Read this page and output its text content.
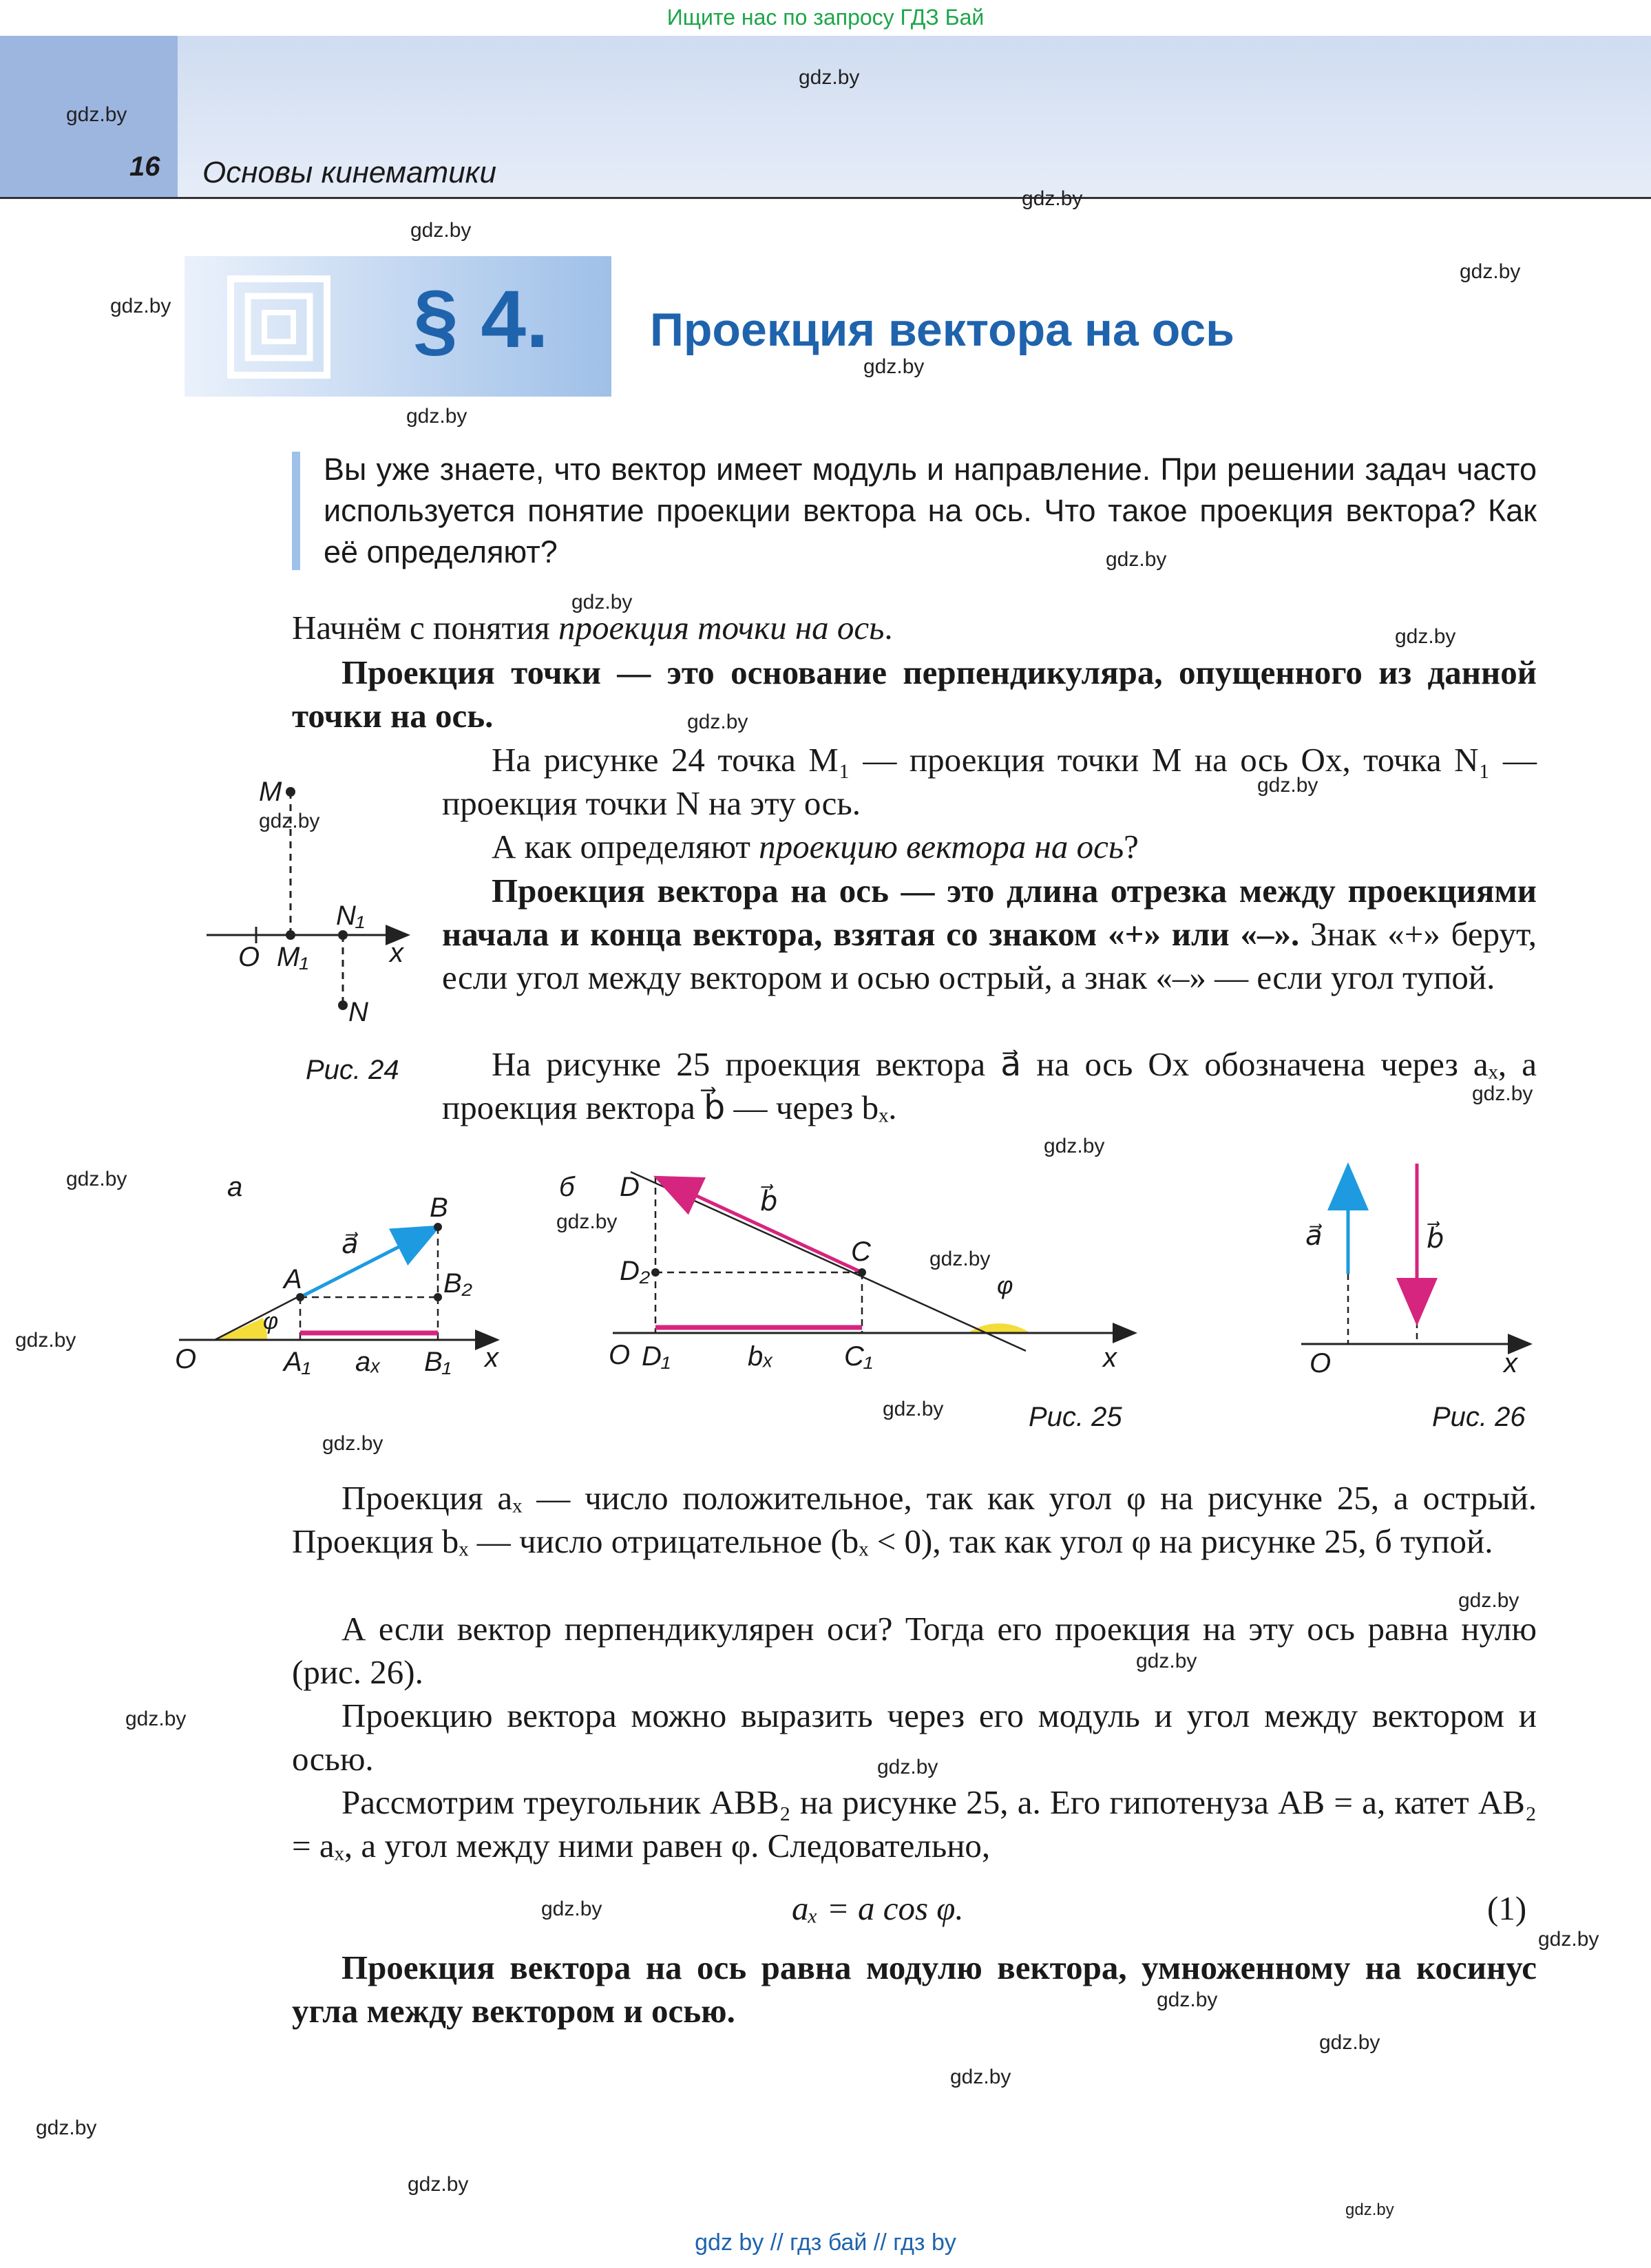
Ищите нас по запросу ГДЗ Бай
16 Основы кинематики
§ 4. Проекция вектора на ось
Вы уже знаете, что вектор имеет модуль и направление. При решении задач часто используется понятие проекции вектора на ось. Что такое проекция вектора? Как её определяют?
Начнём с понятия проекция точки на ось.
Проекция точки — это основание перпендикуляра, опущенного из данной точки на ось.
На рисунке 24 точка M₁ — проекция точки M на ось Ox, точка N₁ — проекция точки N на эту ось.
А как определяют проекцию вектора на ось?
Проекция вектора на ось — это длина отрезка между проекциями начала и конца вектора, взятая со знаком «+» или «–». Знак «+» берут, если угол между вектором и осью острый, а знак «–» — если угол тупой.
На рисунке 25 проекция вектора a⃗ на ось Ox обозначена через aₓ, а проекция вектора b⃗ — через bₓ.
M
N₁
O M₁	x
N
Рис. 24
а
B
a⃗
A	B₂
φ
O	A₁ aₓ B₁ x
б D	b⃗
C
D₂	φ
O D₁	bₓ	C₁	x
Рис. 25
a⃗	b⃗
O	x
Рис. 26
Проекция aₓ — число положительное, так как угол φ на рисунке 25, а острый. Проекция bₓ — число отрицательное (bₓ < 0), так как угол φ на рисунке 25, б тупой.
А если вектор перпендикулярен оси? Тогда его проекция на эту ось равна нулю (рис. 26).
Проекцию вектора можно выразить через его модуль и угол между вектором и осью.
Рассмотрим треугольник ABB₂ на рисунке 25, а. Его гипотенуза AB = a, катет AB₂ = aₓ, а угол между ними равен φ. Следовательно,
aₓ = a cos φ.	(1)
Проекция вектора на ось равна модулю вектора, умноженному на косинус угла между вектором и осью.
gdz.by
gdz.by
gdz.by
gdz.by
gdz.by
gdz.by
gdz.by
gdz.by
gdz.by
gdz.by
gdz.by
gdz.by
gdz.by
gdz.by
gdz.by
gdz.by
gdz.by
gdz.by
gdz.by
gdz.by
gdz.by
gdz.by
gdz.by
gdz.by
gdz.by
gdz.by
gdz.by
gdz.by
gdz.by
gdz.by
gdz.by
gdz.by
gdz.by
gdz.by
gdz by // гдз бай // гдз by
